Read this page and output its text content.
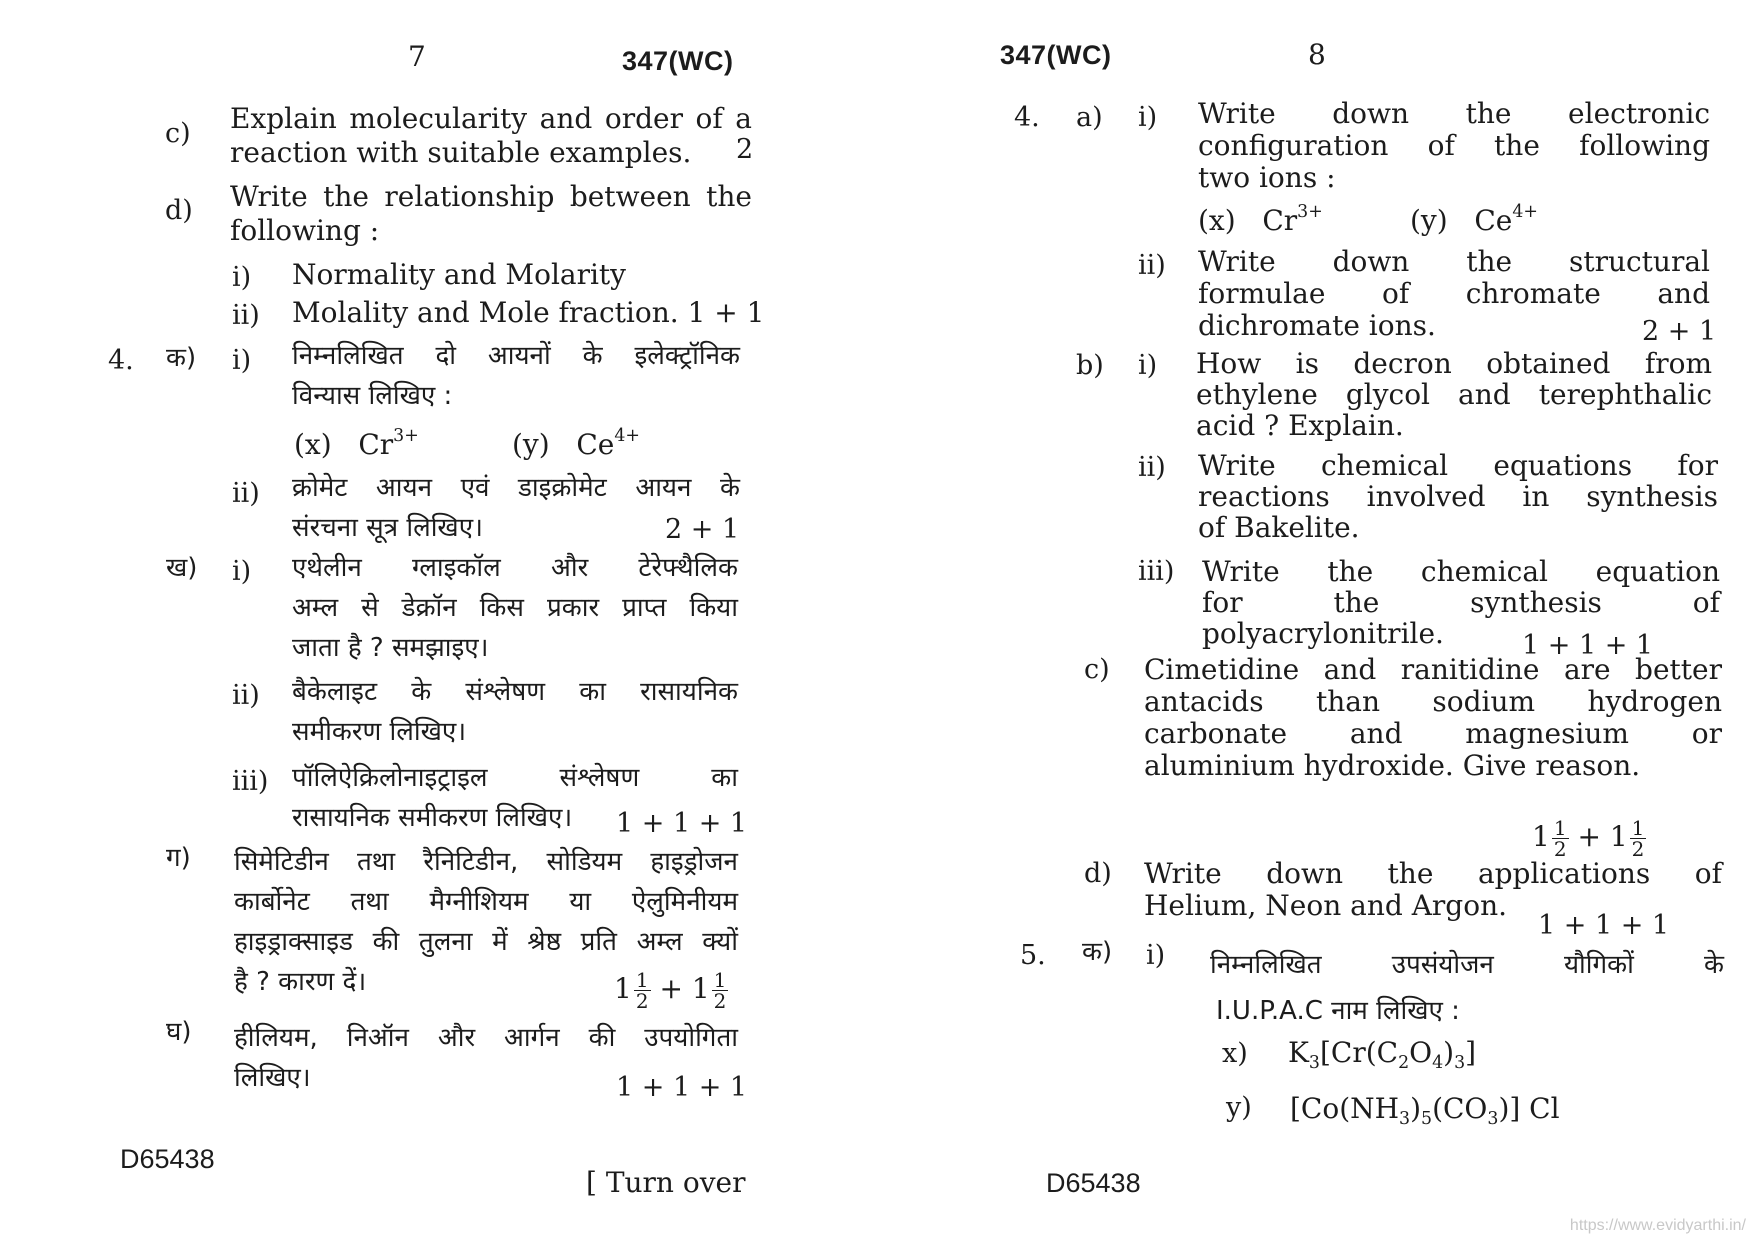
7	347(WC)
c) Explain molecularity and order of a
reaction with suitable examples.	2
d) Write the relationship between the
following :
i) Normality and Molarity
ii) Molality and Mole fraction. 1 + 1
4. क) i) निम्नलिखित दो आयनों के इलेक्ट्रॉनिक
विन्यास लिखिए :
(x) $Cr^{3+}$	(y) $Ce^{4+}$
ii) क्रोमेट आयन एवं डाइक्रोमेट आयन के
संरचना सूत्र लिखिए।	2 + 1
ख) i) एथेलीन ग्लाइकॉल और टेरेफ्थैलिक
अम्ल से डेक्रॉन किस प्रकार प्राप्त किया
जाता है ? समझाइए।
ii) बैकेलाइट के संश्लेषण का रासायनिक
समीकरण लिखिए।
iii) पॉलिऐक्रिलोनाइट्राइल संश्लेषण का
रासायनिक समीकरण लिखिए।	1 + 1 + 1
ग) सिमेटिडीन तथा रैनिटिडीन, सोडियम हाइड्रोजन
कार्बोनेट तथा मैग्नीशियम या ऐलुमिनीयम
हाइड्राक्साइड की तुलना में श्रेष्ठ प्रति अम्ल क्यों
है ? कारण दें।	$1 \frac{1}{2} + 1 \frac{1}{2}$
घ) हीलियम, निऑन और आर्गन की उपयोगिता
लिखिए।	1 + 1 + 1
D65438
[ Turn over
347(WC)	8
4. a) i) Write down the electronic
configuration of the following
two ions :
(x) $Cr^{3+}$	(y) $Ce^{4+}$
ii) Write down the structural
formulae of chromate and
dichromate ions.	2 + 1
b) i) How is decron obtained from
ethylene glycol and terephthalic
acid ? Explain.
ii) Write chemical equations for
reactions involved in synthesis
of Bakelite.
iii) Write the chemical equation
for the synthesis of
polyacrylonitrile.	1 + 1 + 1
c) Cimetidine and ranitidine are better
antacids than sodium hydrogen
carbonate and magnesium or
aluminium hydroxide. Give reason.
$1 \frac{1}{2} + 1 \frac{1}{2}$
d) Write down the applications of
Helium, Neon and Argon.
1 + 1 + 1
5. क) i) निम्नलिखित उपसंयोजन यौगिकों के
I.U.P.A.C नाम लिखिए :
x) $K_3[Cr(C_2O_4)_3]$
y) $[Co(NH_3)_5(CO_3)]$ Cl
D65438
https://www.evidyarthi.in/
